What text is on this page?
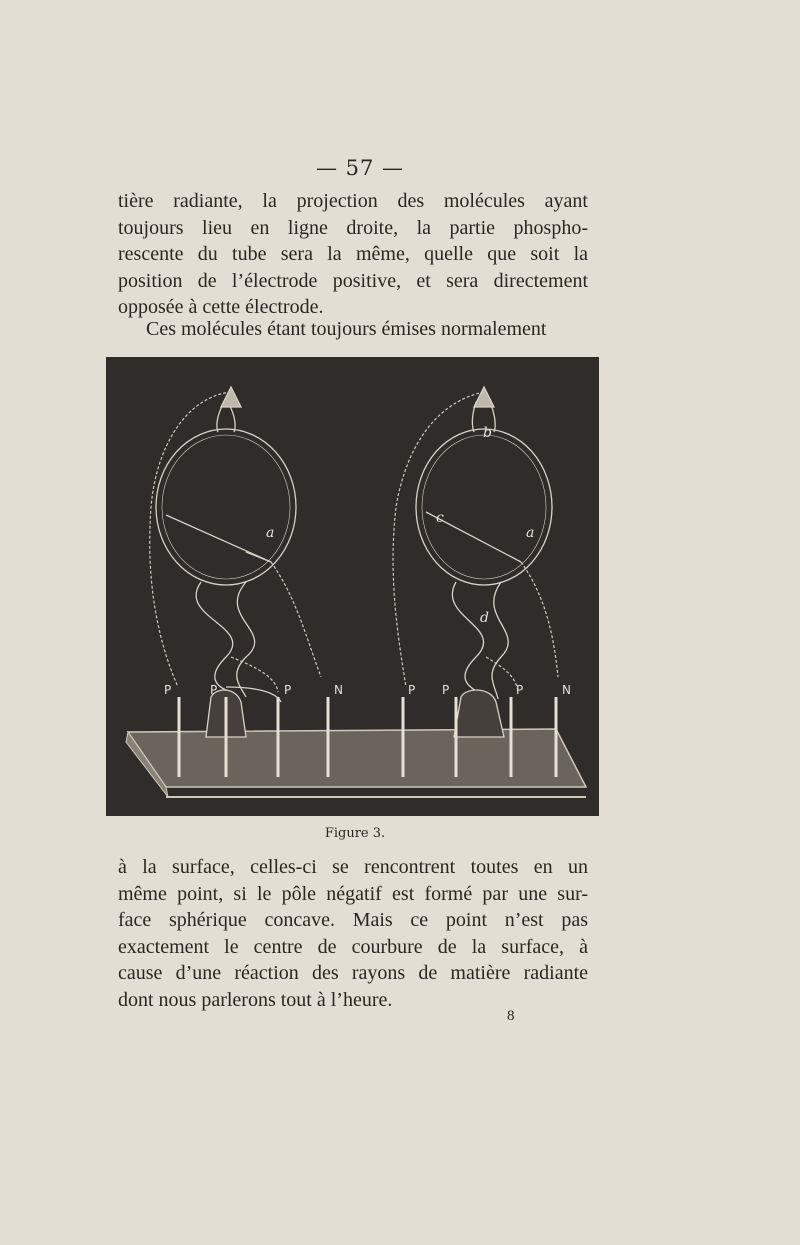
— 57 —
tière radiante, la projection des molécules ayant
toujours lieu en ligne droite, la partie phospho-
rescente du tube sera la même, quelle que soit la
position de l’électrode positive, et sera directement
opposée à cette électrode.
Ces molécules étant toujours émises normalement
P	P	P	N	P P	P	N
a	a
b
c
d
Figure 3.
à la surface, celles-ci se rencontrent toutes en un
même point, si le pôle négatif est formé par une sur-
face sphérique concave. Mais ce point n’est pas
exactement le centre de courbure de la surface, à
cause d’une réaction des rayons de matière radiante
dont nous parlerons tout à l’heure.
8
